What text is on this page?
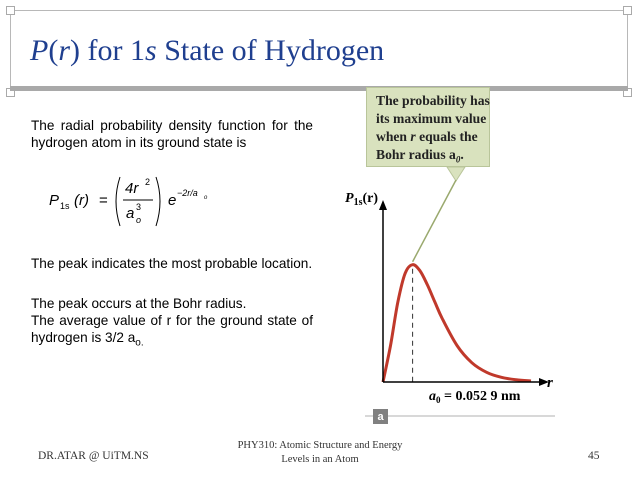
P(r) for 1s State of Hydrogen

The radial probability density function for the hydrogen atom in its ground state is

P 1s (r) =
4r 2
a 3
o
e −2r/a o

The peak indicates the most probable location.

The peak occurs at the Bohr radius.

The average value of r for the ground state of hydrogen is 3/2 $a_{o.}$

The probability has
its maximum value
when r equals the
Bohr radius $a_0$.
$P_{1s}(r)$
r
$a_0 = 0.052$ 9 nm
a
DR.ATAR @ UiTM.NS
PHY310: Atomic Structure and Energy
Levels in an Atom	45
